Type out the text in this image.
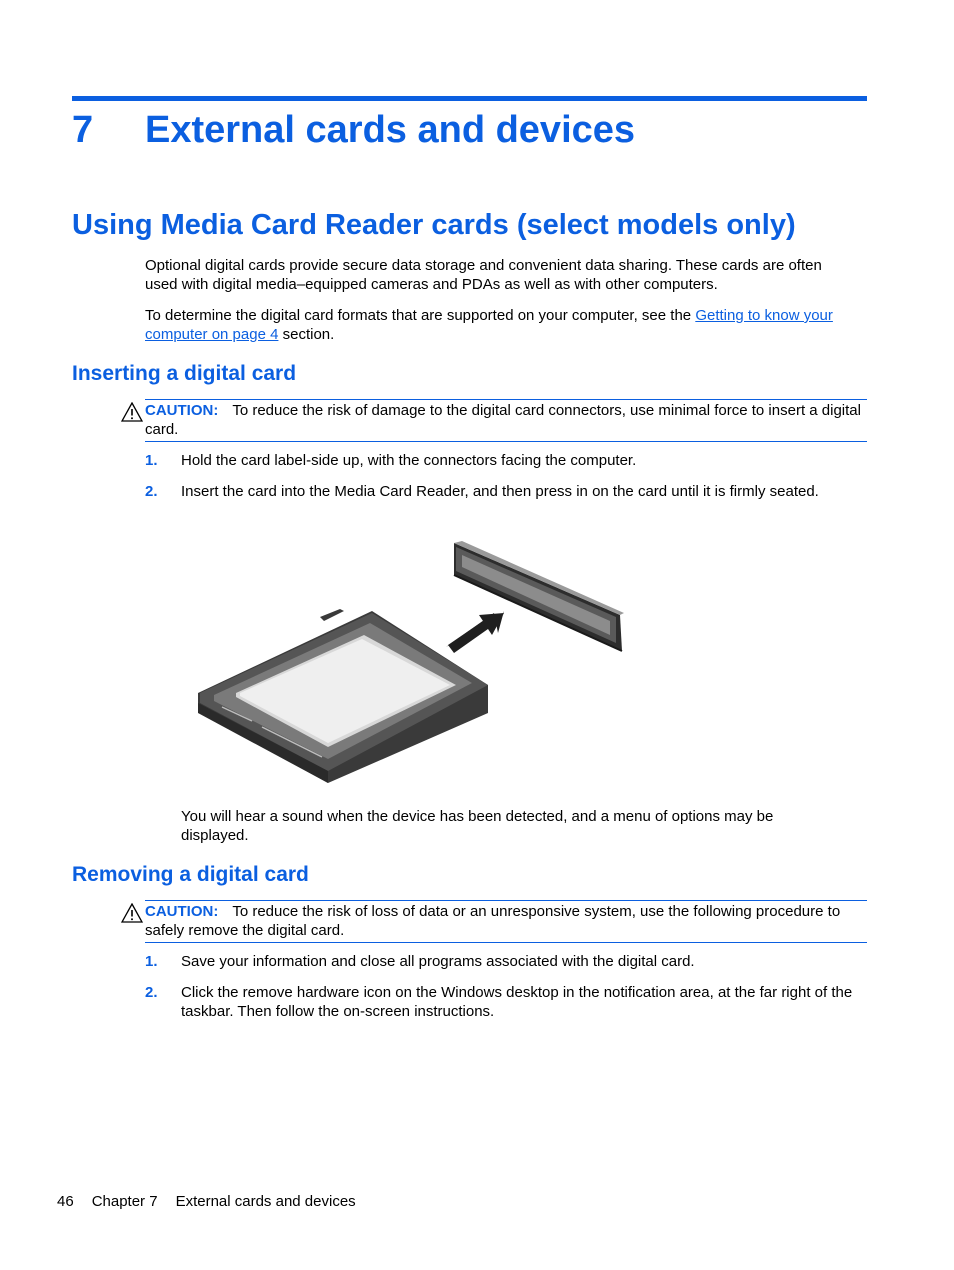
7 External cards and devices
Using Media Card Reader cards (select models only)
Optional digital cards provide secure data storage and convenient data sharing. These cards are often used with digital media–equipped cameras and PDAs as well as with other computers.
To determine the digital card formats that are supported on your computer, see the Getting to know your computer on page 4 section.
Inserting a digital card
CAUTION: To reduce the risk of damage to the digital card connectors, use minimal force to insert a digital card.
1. Hold the card label-side up, with the connectors facing the computer.
2. Insert the card into the Media Card Reader, and then press in on the card until it is firmly seated.
You will hear a sound when the device has been detected, and a menu of options may be displayed.
Removing a digital card
CAUTION: To reduce the risk of loss of data or an unresponsive system, use the following procedure to safely remove the digital card.
1. Save your information and close all programs associated with the digital card.
2. Click the remove hardware icon on the Windows desktop in the notification area, at the far right of the taskbar. Then follow the on-screen instructions.
46 Chapter 7 External cards and devices
